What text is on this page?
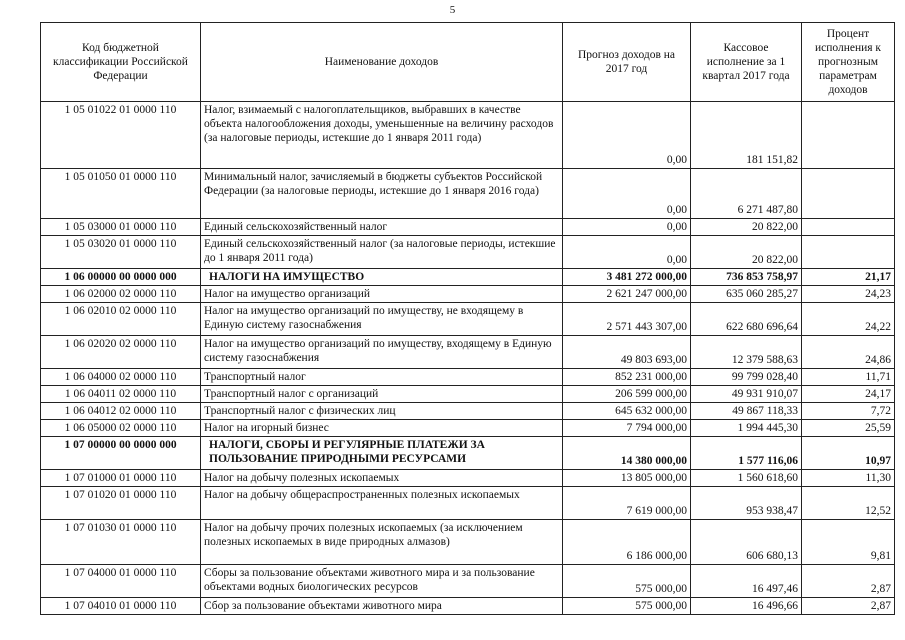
5
Код бюджетной классификации Российской Федерации	Наименование доходов	Прогноз доходов на 2017 год	Кассовое исполнение за 1 квартал 2017 года	Процент исполнения к прогнозным параметрам доходов
1 05 01022 01 0000 110	Налог, взимаемый с налогоплательщиков, выбравших в качестве объекта налогообложения доходы, уменьшенные на величину расходов (за налоговые периоды, истекшие до 1 января 2011 года)	0,00	181 151,82	
1 05 01050 01 0000 110	Минимальный налог, зачисляемый в бюджеты субъектов Российской Федерации (за налоговые периоды, истекшие до 1 января 2016 года)	0,00	6 271 487,80	
1 05 03000 01 0000 110	Единый сельскохозяйственный налог	0,00	20 822,00	
1 05 03020 01 0000 110	Единый сельскохозяйственный налог (за налоговые периоды, истекшие до 1 января 2011 года)	0,00	20 822,00	
1 06 00000 00 0000 000	НАЛОГИ НА ИМУЩЕСТВО	3 481 272 000,00	736 853 758,97	21,17
1 06 02000 02 0000 110	Налог на имущество организаций	2 621 247 000,00	635 060 285,27	24,23
1 06 02010 02 0000 110	Налог на имущество организаций по имуществу, не входящему в Единую систему газоснабжения	2 571 443 307,00	622 680 696,64	24,22
1 06 02020 02 0000 110	Налог на имущество организаций по имуществу, входящему в Единую систему газоснабжения	49 803 693,00	12 379 588,63	24,86
1 06 04000 02 0000 110	Транспортный налог	852 231 000,00	99 799 028,40	11,71
1 06 04011 02 0000 110	Транспортный налог с организаций	206 599 000,00	49 931 910,07	24,17
1 06 04012 02 0000 110	Транспортный налог с физических лиц	645 632 000,00	49 867 118,33	7,72
1 06 05000 02 0000 110	Налог на игорный бизнес	7 794 000,00	1 994 445,30	25,59
1 07 00000 00 0000 000	НАЛОГИ, СБОРЫ И РЕГУЛЯРНЫЕ ПЛАТЕЖИ ЗА ПОЛЬЗОВАНИЕ ПРИРОДНЫМИ РЕСУРСАМИ	14 380 000,00	1 577 116,06	10,97
1 07 01000 01 0000 110	Налог на добычу полезных ископаемых	13 805 000,00	1 560 618,60	11,30
1 07 01020 01 0000 110	Налог на добычу общераспространенных полезных ископаемых	7 619 000,00	953 938,47	12,52
1 07 01030 01 0000 110	Налог на добычу прочих полезных ископаемых (за исключением полезных ископаемых в виде природных алмазов)	6 186 000,00	606 680,13	9,81
1 07 04000 01 0000 110	Сборы за пользование объектами животного мира и за пользование объектами водных биологических ресурсов	575 000,00	16 497,46	2,87
1 07 04010 01 0000 110	Сбор за пользование объектами животного мира	575 000,00	16 496,66	2,87
